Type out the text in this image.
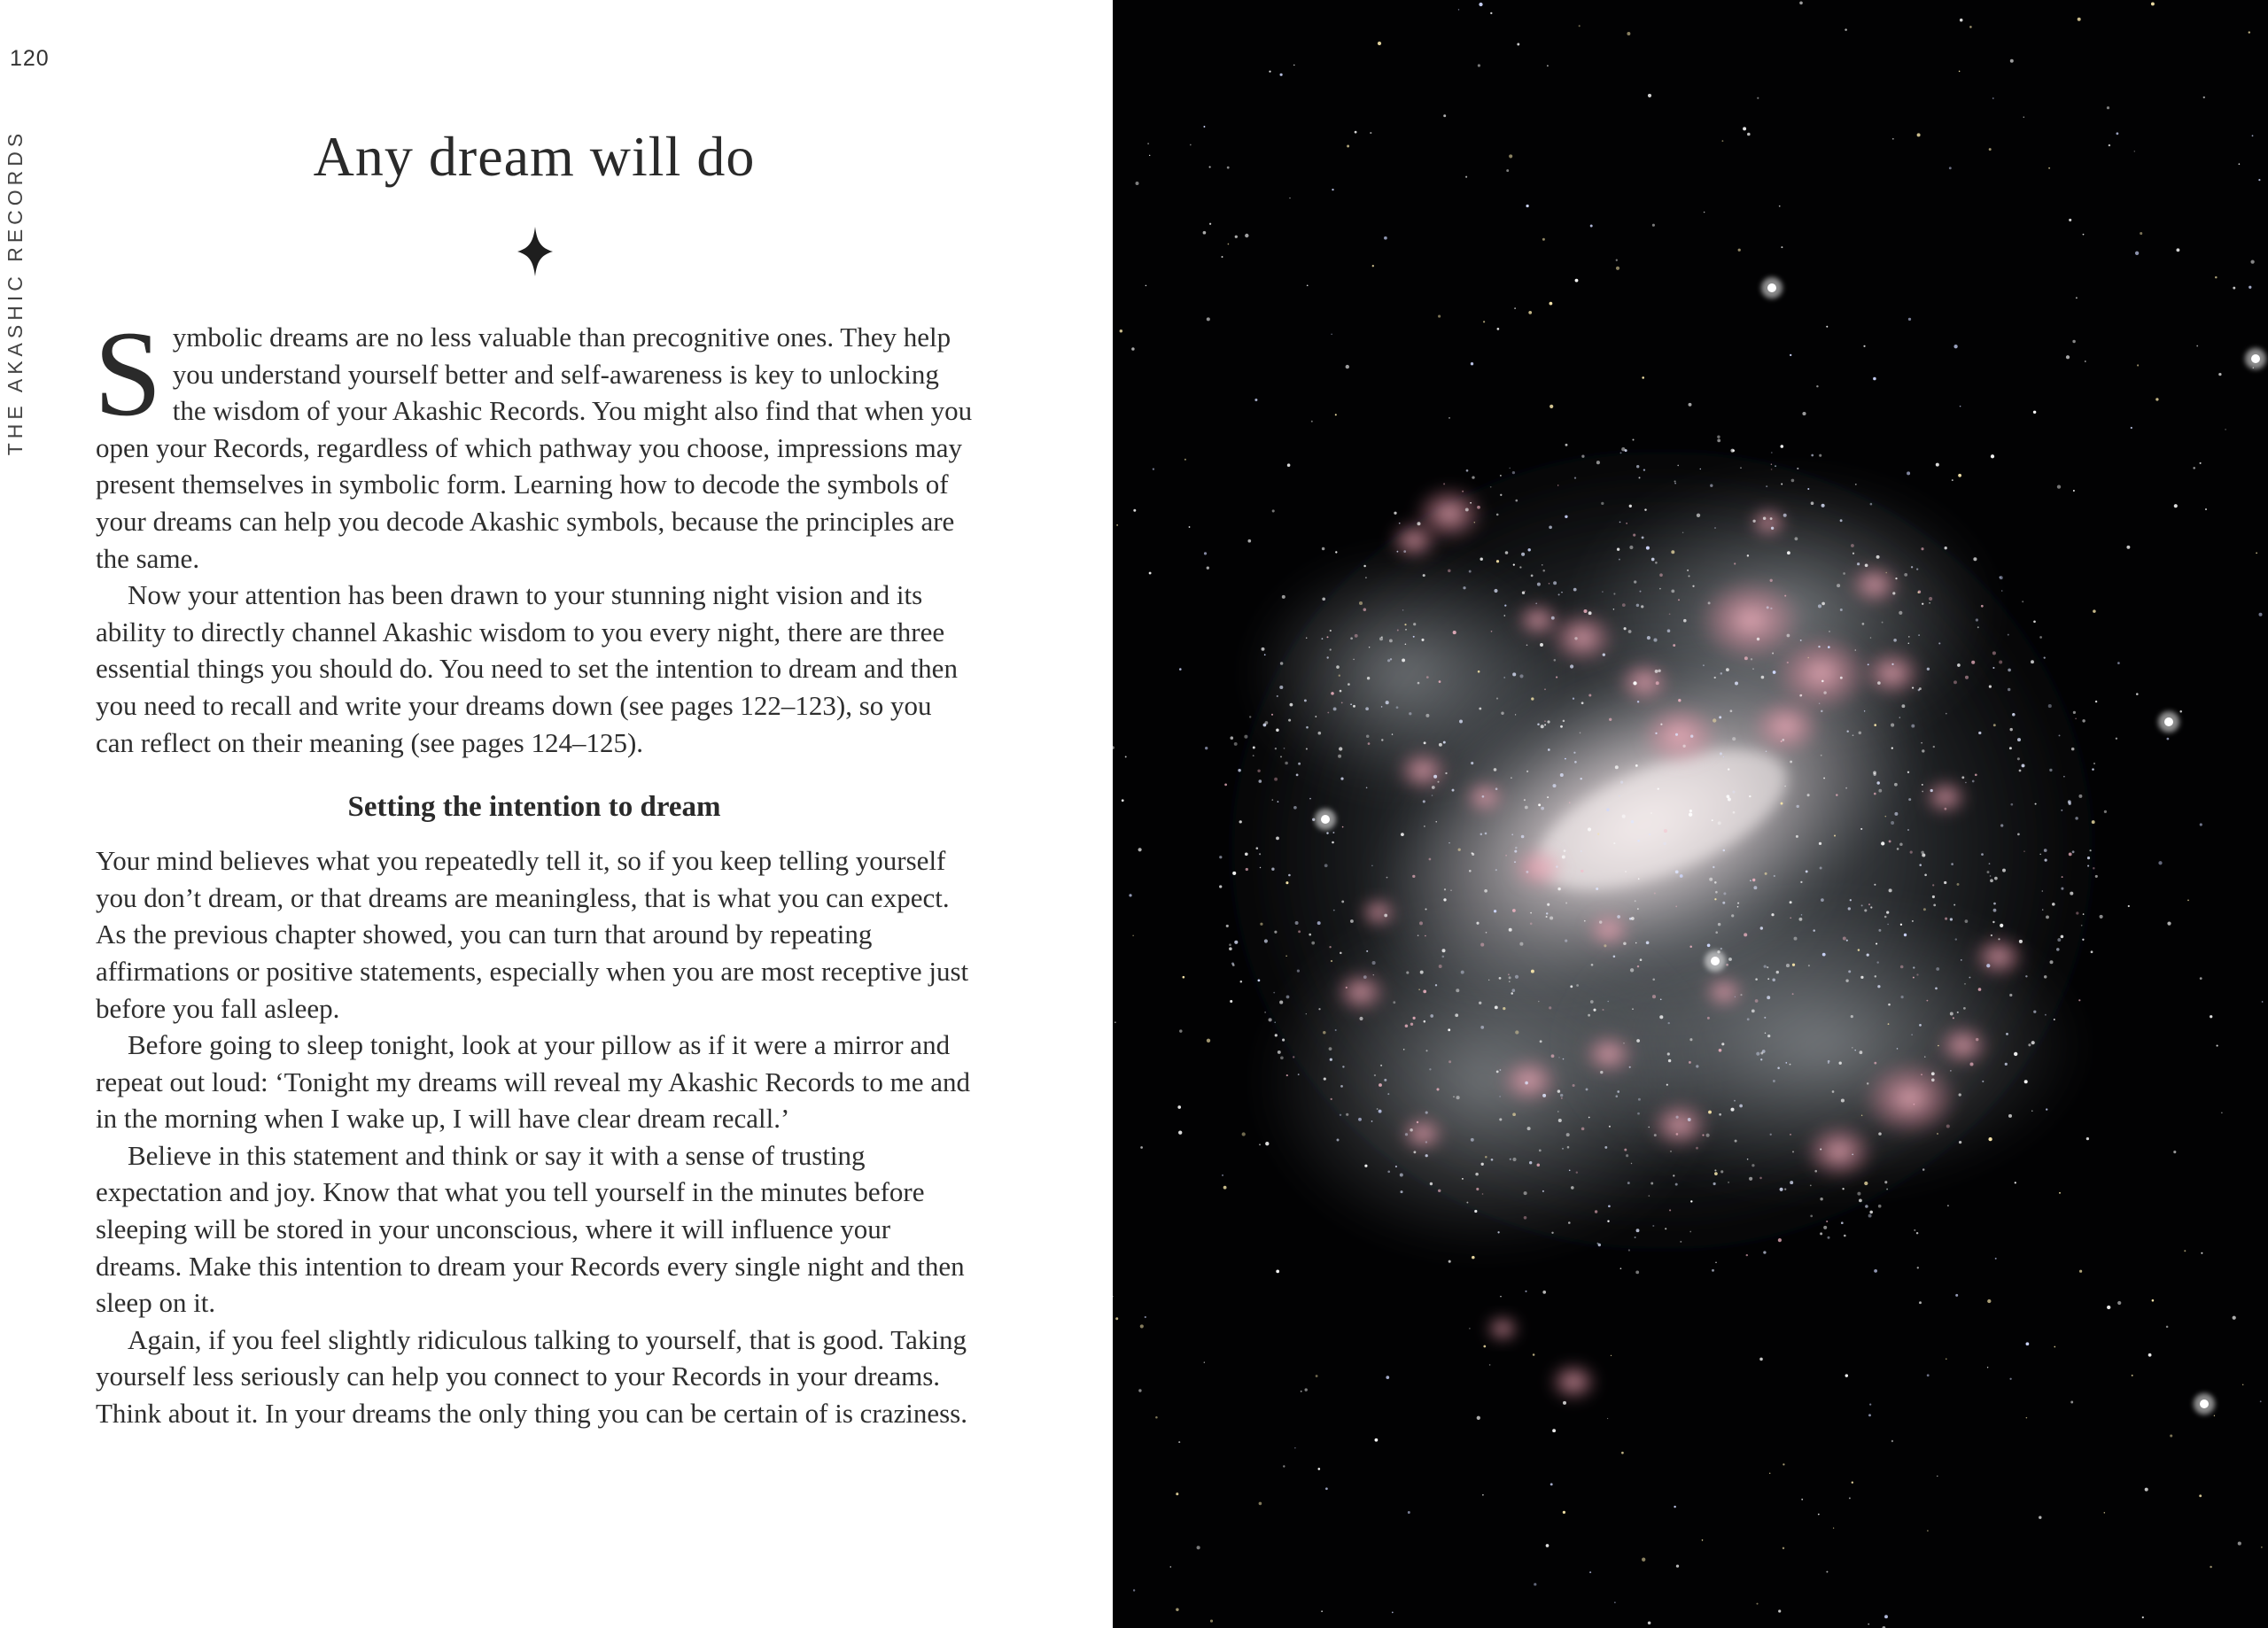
120
THE AKASHIC RECORDS	Any dream will do

Symbolic dreams are no less valuable than precognitive ones. They help you understand yourself better and self-awareness is key to unlocking the wisdom of your Akashic Records. You might also find that when you open your Records, regardless of which pathway you choose, impressions may present themselves in symbolic form. Learning how to decode the symbols of your dreams can help you decode Akashic symbols, because the principles are the same.

Now your attention has been drawn to your stunning night vision and its ability to directly channel Akashic wisdom to you every night, there are three essential things you should do. You need to set the intention to dream and then you need to recall and write your dreams down (see pages 122–123), so you can reflect on their meaning (see pages 124–125).

Setting the intention to dream

Your mind believes what you repeatedly tell it, so if you keep telling yourself you don’t dream, or that dreams are meaningless, that is what you can expect. As the previous chapter showed, you can turn that around by repeating affirmations or positive statements, especially when you are most receptive just before you fall asleep.

Before going to sleep tonight, look at your pillow as if it were a mirror and repeat out loud: ‘Tonight my dreams will reveal my Akashic Records to me and in the morning when I wake up, I will have clear dream recall.’

Believe in this statement and think or say it with a sense of trusting expectation and joy. Know that what you tell yourself in the minutes before sleeping will be stored in your unconscious, where it will influence your dreams. Make this intention to dream your Records every single night and then sleep on it.

Again, if you feel slightly ridiculous talking to yourself, that is good. Taking yourself less seriously can help you connect to your Records in your dreams. Think about it. In your dreams the only thing you can be certain of is craziness.
